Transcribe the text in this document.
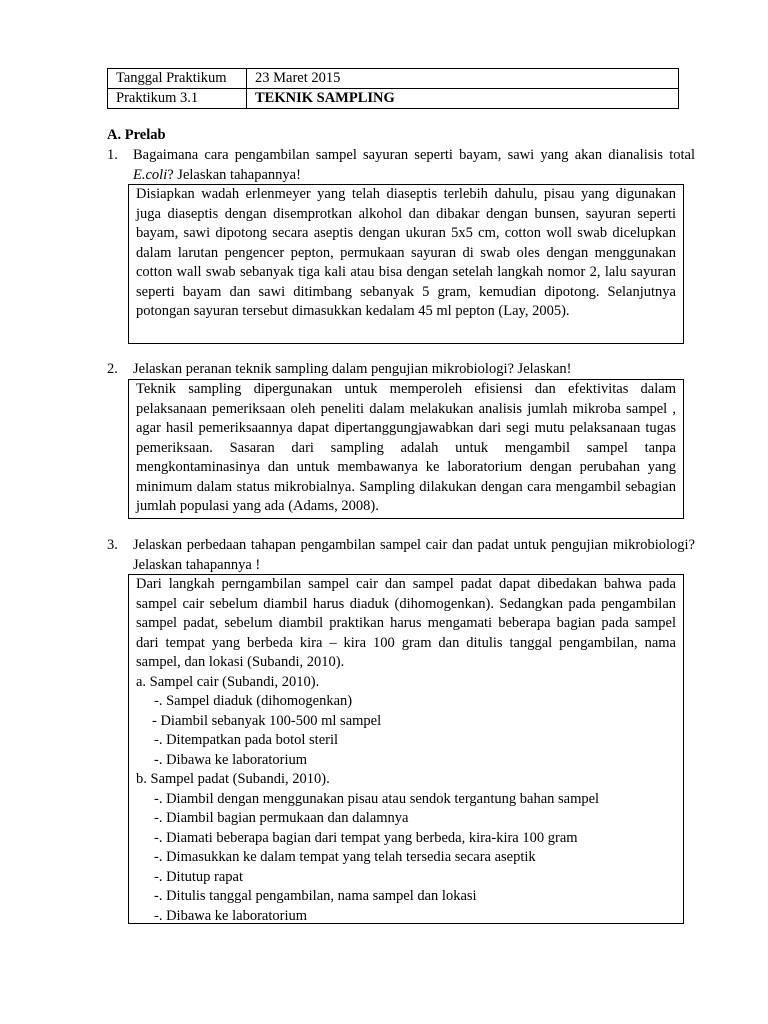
Tanggal Praktikum	23 Maret 2015
Praktikum 3.1	TEKNIK SAMPLING
A. Prelab
1. Bagaimana cara pengambilan sampel sayuran seperti bayam, sawi yang akan dianalisis total E.coli? Jelaskan tahapannya!

Disiapkan wadah erlenmeyer yang telah diaseptis terlebih dahulu, pisau yang digunakan juga diaseptis dengan disemprotkan alkohol dan dibakar dengan bunsen, sayuran seperti bayam, sawi dipotong secara aseptis dengan ukuran 5x5 cm, cotton woll swab dicelupkan dalam larutan pengencer pepton, permukaan sayuran di swab oles dengan menggunakan cotton wall swab sebanyak tiga kali atau bisa dengan setelah langkah nomor 2, lalu sayuran seperti bayam dan sawi ditimbang sebanyak 5 gram, kemudian dipotong. Selanjutnya potongan sayuran tersebut dimasukkan kedalam 45 ml pepton (Lay, 2005).

2. Jelaskan peranan teknik sampling dalam pengujian mikrobiologi? Jelaskan!

Teknik sampling dipergunakan untuk memperoleh efisiensi dan efektivitas dalam pelaksanaan pemeriksaan oleh peneliti dalam melakukan analisis jumlah mikroba sampel , agar hasil pemeriksaannya dapat dipertanggungjawabkan dari segi mutu pelaksanaan tugas pemeriksaan. Sasaran dari sampling adalah untuk mengambil sampel tanpa mengkontaminasinya dan untuk membawanya ke laboratorium dengan perubahan yang minimum dalam status mikrobialnya. Sampling dilakukan dengan cara mengambil sebagian jumlah populasi yang ada (Adams, 2008).

3. Jelaskan perbedaan tahapan pengambilan sampel cair dan padat untuk pengujian mikrobiologi? Jelaskan tahapannya !

Dari langkah perngambilan sampel cair dan sampel padat dapat dibedakan bahwa pada sampel cair sebelum diambil harus diaduk (dihomogenkan). Sedangkan pada pengambilan sampel padat, sebelum diambil praktikan harus mengamati beberapa bagian pada sampel dari tempat yang berbeda kira – kira 100 gram dan ditulis tanggal pengambilan, nama sampel, dan lokasi (Subandi, 2010).

a. Sampel cair (Subandi, 2010).
-. Sampel diaduk (dihomogenkan)
- Diambil sebanyak 100-500 ml sampel
-. Ditempatkan pada botol steril
-. Dibawa ke laboratorium
b. Sampel padat (Subandi, 2010).
-. Diambil dengan menggunakan pisau atau sendok tergantung bahan sampel
-. Diambil bagian permukaan dan dalamnya
-. Diamati beberapa bagian dari tempat yang berbeda, kira-kira 100 gram
-. Dimasukkan ke dalam tempat yang telah tersedia secara aseptik
-. Ditutup rapat
-. Ditulis tanggal pengambilan, nama sampel dan lokasi
-. Dibawa ke laboratorium
